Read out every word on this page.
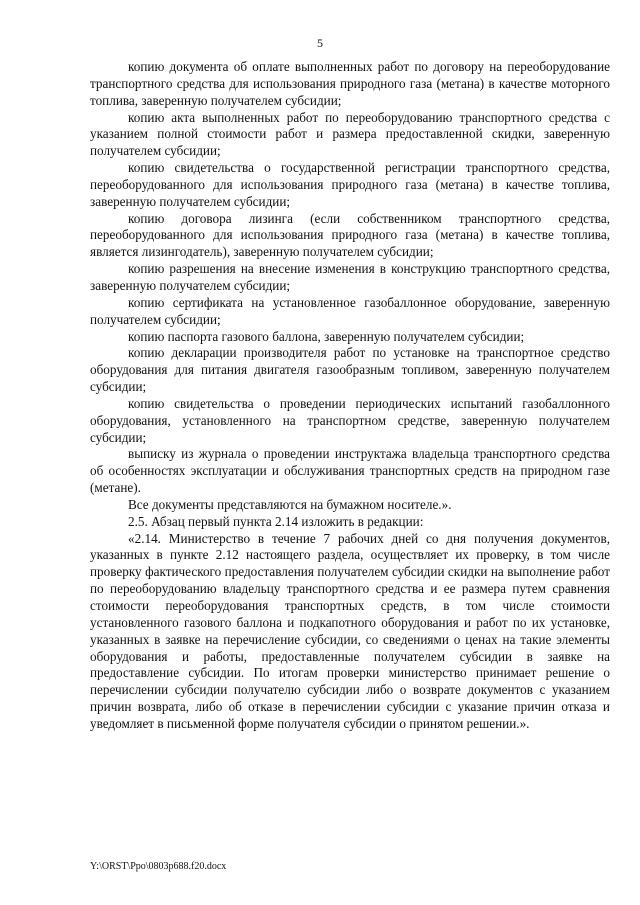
5

копию документа об оплате выполненных работ по договору на переоборудование транспортного средства для использования природного газа (метана) в качестве моторного топлива, заверенную получателем субсидии;

копию акта выполненных работ по переоборудованию транспортного средства с указанием полной стоимости работ и размера предоставленной скидки, заверенную получателем субсидии;

копию свидетельства о государственной регистрации транспортного средства, переоборудованного для использования природного газа (метана) в качестве топлива, заверенную получателем субсидии;

копию договора лизинга (если собственником транспортного средства, переоборудованного для использования природного газа (метана) в качестве топлива, является лизингодатель), заверенную получателем субсидии;

копию разрешения на внесение изменения в конструкцию транспортного средства, заверенную получателем субсидии;

копию сертификата на установленное газобаллонное оборудование, заверенную получателем субсидии;

копию паспорта газового баллона, заверенную получателем субсидии;

копию декларации производителя работ по установке на транспортное средство оборудования для питания двигателя газообразным топливом, заверенную получателем субсидии;

копию свидетельства о проведении периодических испытаний газобаллонного оборудования, установленного на транспортном средстве, заверенную получателем субсидии;

выписку из журнала о проведении инструктажа владельца транспортного средства об особенностях эксплуатации и обслуживания транспортных средств на природном газе (метане).

Все документы представляются на бумажном носителе.».

2.5. Абзац первый пункта 2.14 изложить в редакции:

«2.14. Министерство в течение 7 рабочих дней со дня получения документов, указанных в пункте 2.12 настоящего раздела, осуществляет их проверку, в том числе проверку фактического предоставления получателем субсидии скидки на выполнение работ по переоборудованию владельцу транспортного средства и ее размера путем сравнения стоимости переоборудования транспортных средств, в том числе стоимости установленного газового баллона и подкапотного оборудования и работ по их установке, указанных в заявке на перечисление субсидии, со сведениями о ценах на такие элементы оборудования и работы, предоставленные получателем субсидии в заявке на предоставление субсидии. По итогам проверки министерство принимает решение о перечислении субсидии получателю субсидии либо о возврате документов с указанием причин возврата, либо об отказе в перечислении субсидии с указание причин отказа и уведомляет в письменной форме получателя субсидии о принятом решении.».

Y:\ORST\Ppo\0803p688.f20.docx
